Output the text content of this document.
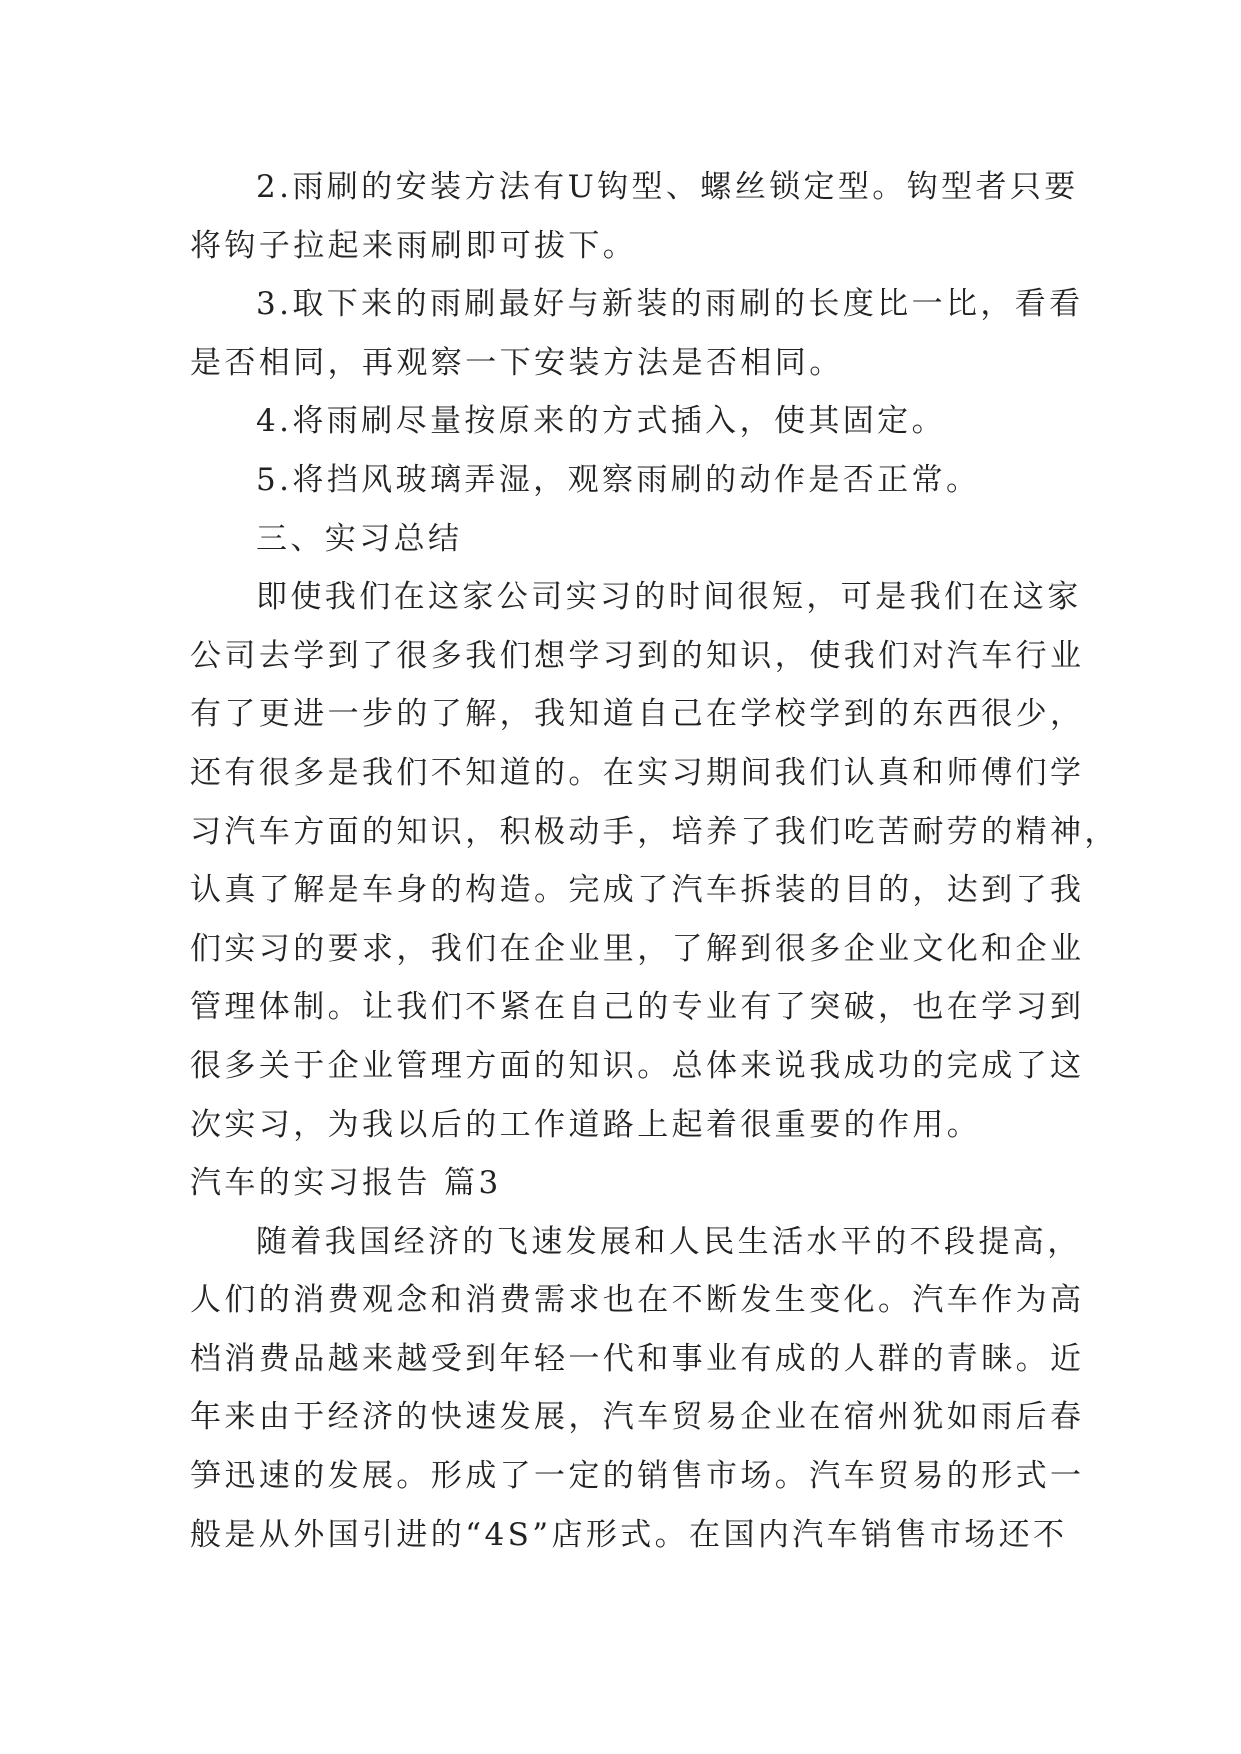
2.雨刷的安装方法有U钩型、螺丝锁定型。钩型者只要
将钩子拉起来雨刷即可拔下。

3.取下来的雨刷最好与新装的雨刷的长度比一比，看看
是否相同，再观察一下安装方法是否相同。

4.将雨刷尽量按原来的方式插入，使其固定。

5.将挡风玻璃弄湿，观察雨刷的动作是否正常。

三、实习总结

即使我们在这家公司实习的时间很短，可是我们在这家
公司去学到了很多我们想学习到的知识，使我们对汽车行业
有了更进一步的了解，我知道自己在学校学到的东西很少，
还有很多是我们不知道的。在实习期间我们认真和师傅们学
习汽车方面的知识，积极动手，培养了我们吃苦耐劳的精神，
认真了解是车身的构造。完成了汽车拆装的目的，达到了我
们实习的要求，我们在企业里，了解到很多企业文化和企业
管理体制。让我们不紧在自己的专业有了突破，也在学习到
很多关于企业管理方面的知识。总体来说我成功的完成了这
次实习，为我以后的工作道路上起着很重要的作用。

汽车的实习报告 篇3

随着我国经济的飞速发展和人民生活水平的不段提高，
人们的消费观念和消费需求也在不断发生变化。汽车作为高
档消费品越来越受到年轻一代和事业有成的人群的青睐。近
年来由于经济的快速发展，汽车贸易企业在宿州犹如雨后春
笋迅速的发展。形成了一定的销售市场。汽车贸易的形式一
般是从外国引进的“4S”店形式。在国内汽车销售市场还不
